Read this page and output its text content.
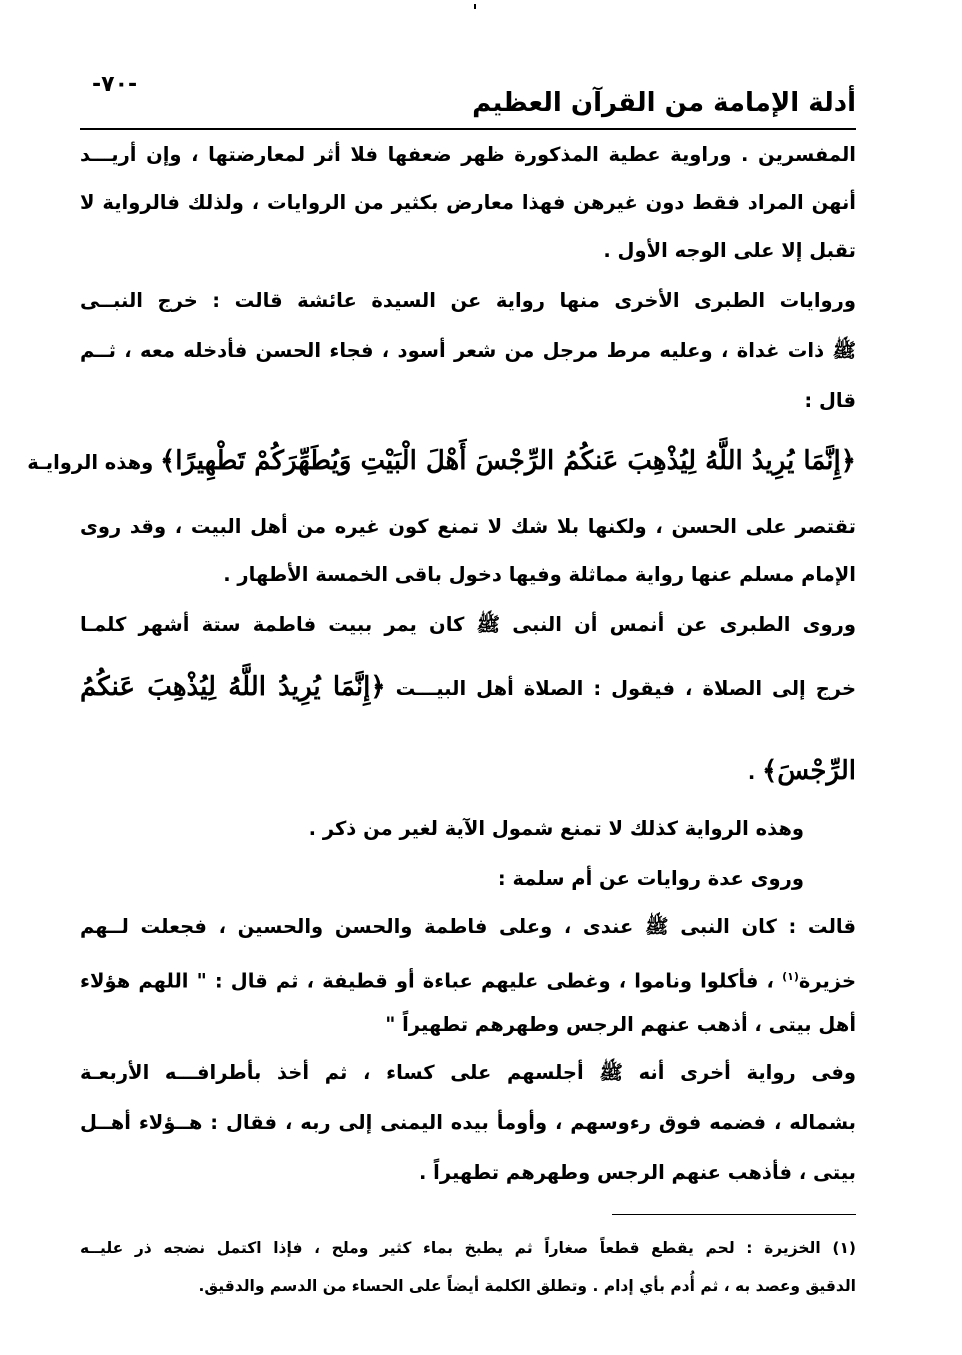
-٧٠-
أدلة الإمامة من القرآن العظيم
المفسرين . وراوية عطية المذكورة ظهر ضعفها فلا أثر لمعارضتها ، وإن أريـــد
أنهن المراد فقط دون غيرهن فهذا معارض بكثير من الروايات ، ولذلك فالرواية لا
تقبل إلا على الوجه الأول .
وروايات الطبرى الأخرى منها رواية عن السيدة عائشة قالت : خرج النبــى
ﷺ ذات غداة ، وعليه مرط مرجل من شعر أسود ، فجاء الحسن فأدخله معه ، ثــم
قال :
﴿إِنَّمَا يُرِيدُ اللَّهُ لِيُذْهِبَ عَنكُمُ الرِّجْسَ أَهْلَ الْبَيْتِ وَيُطَهِّرَكُمْ تَطْهِيرًا﴾ وهذه الروايـة
تقتصر على الحسن ، ولكنها بلا شك لا تمنع كون غيره من أهل البيت ، وقد روى
الإمام مسلم عنها رواية مماثلة وفيها دخول باقى الخمسة الأطهار .
وروى الطبرى عن أنمس أن النبى ﷺ كان يمر ببيت فاطمة ستة أشهر كلمـا
خرج إلى الصلاة ، فيقول : الصلاة أهل البيـــت ﴿إِنَّمَا يُرِيدُ اللَّهُ لِيُذْهِبَ عَنكُمُ
الرِّجْسَ﴾ .
وهذه الرواية كذلك لا تمنع شمول الآية لغير من ذكر .
وروى عدة روايات عن أم سلمة :
قالت : كان النبى ﷺ عندى ، وعلى فاطمة والحسن والحسين ، فجعلت لــهم
خزيرة$^{(١)}$ ، فأكلوا وناموا ، وغطى عليهم عباءة أو قطيفة ، ثم قال : " اللهم هؤلاء
أهل بيتى ، أذهب عنهم الرجس وطهرهم تطهيراً "
وفى رواية أخرى أنه ﷺ أجلسهم على كساء ، ثم أخذ بأطرافـــه الأربعـة
بشماله ، فضمه فوق رءوسهم ، وأومأ بيده اليمنى إلى ربه ، فقال : هــؤلاء أهــل
بيتى ، فأذهب عنهم الرجس وطهرهم تطهيراً .
(١) الخزيرة : لحم يقطع قطعاً صغاراً ثم يطبخ بماء كثير وملح ، فإذا اكتمل نضجه ذر عليــه
الدقيق وعصد به ، ثم أُدم بأي إدام . وتطلق الكلمة أيضاً على الحساء من الدسم والدقيق.
